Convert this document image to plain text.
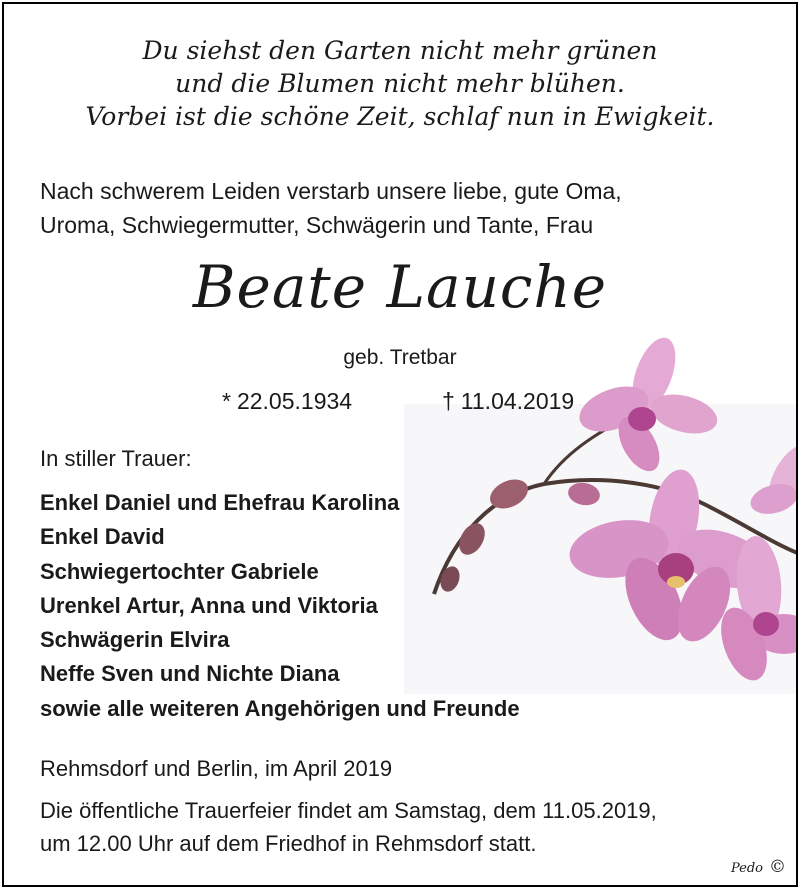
Du siehst den Garten nicht mehr grünen
und die Blumen nicht mehr blühen.
Vorbei ist die schöne Zeit, schlaf nun in Ewigkeit.
Nach schwerem Leiden verstarb unsere liebe, gute Oma,
Uroma, Schwiegermutter, Schwägerin und Tante, Frau
Beate Lauche
geb. Tretbar
* 22.05.1934	† 11.04.2019
In stiller Trauer:
Enkel Daniel und Ehefrau Karolina
Enkel David
Schwiegertochter Gabriele
Urenkel Artur, Anna und Viktoria
Schwägerin Elvira
Neffe Sven und Nichte Diana
sowie alle weiteren Angehörigen und Freunde
Rehmsdorf und Berlin, im April 2019
Die öffentliche Trauerfeier findet am Samstag, dem 11.05.2019,
um 12.00 Uhr auf dem Friedhof in Rehmsdorf statt.
Pedo ©
